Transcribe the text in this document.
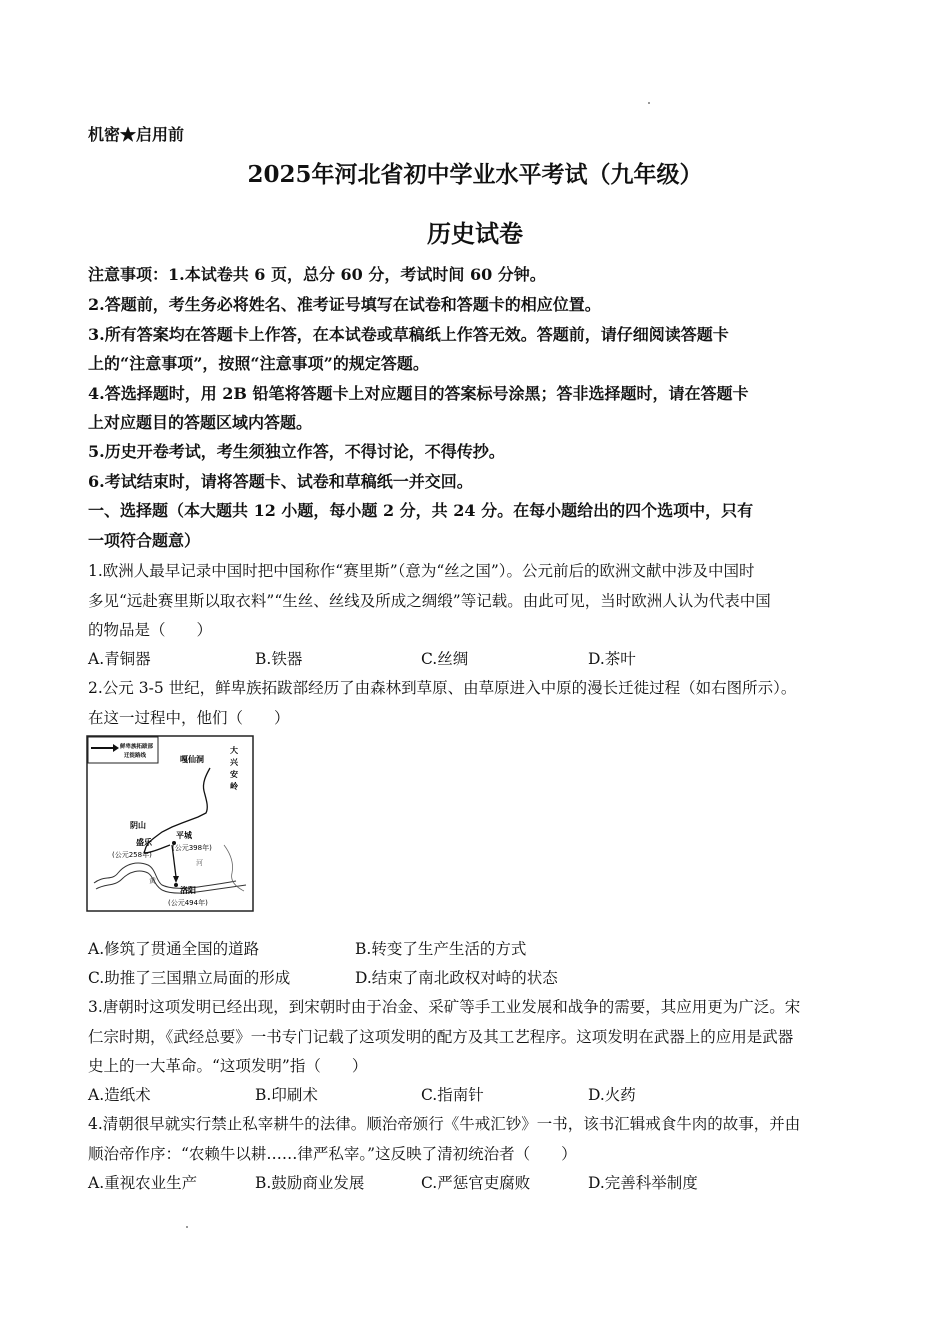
机密★启用前
2025年河北省初中学业水平考试（九年级）
历史试卷
注意事项：1.本试卷共 6 页，总分 60 分，考试时间 60 分钟。
2.答题前，考生务必将姓名、准考证号填写在试卷和答题卡的相应位置。
3.所有答案均在答题卡上作答，在本试卷或草稿纸上作答无效。答题前，请仔细阅读答题卡
上的“注意事项”，按照“注意事项”的规定答题。
4.答选择题时，用 2B 铅笔将答题卡上对应题目的答案标号涂黑；答非选择题时，请在答题卡
上对应题目的答题区域内答题。
5.历史开卷考试，考生须独立作答，不得讨论，不得传抄。
6.考试结束时，请将答题卡、试卷和草稿纸一并交回。
一、选择题（本大题共 12 小题，每小题 2 分，共 24 分。在每小题给出的四个选项中，只有
一项符合题意）
1.欧洲人最早记录中国时把中国称作“赛里斯”（意为“丝之国”）。公元前后的欧洲文献中涉及中国时
多见“远赴赛里斯以取衣料”“生丝、丝线及所成之绸缎”等记载。由此可见，当时欧洲人认为代表中国
的物品是（　　）
A.青铜器	B.铁器	C.丝绸	D.茶叶
2.公元 3-5 世纪，鲜卑族拓跋部经历了由森林到草原、由草原进入中原的漫长迁徙过程（如右图所示）。
在这一过程中，他们（　　）
鲜卑族拓跋部
迁徙路线	嘎仙洞
大
兴
安
岭
阴山
盛乐
(公元258年)
平城
(公元398年)
河
黄
洛阳
(公元494年)
A.修筑了贯通全国的道路	B.转变了生产生活的方式
C.助推了三国鼎立局面的形成	D.结束了南北政权对峙的状态
3.唐朝时这项发明已经出现，到宋朝时由于冶金、采矿等手工业发展和战争的需要，其应用更为广泛。宋
仁宗时期，《武经总要》一书专门记载了这项发明的配方及其工艺程序。这项发明在武器上的应用是武器
史上的一大革命。“这项发明”指（　　）
A.造纸术	B.印刷术	C.指南针	D.火药
4.清朝很早就实行禁止私宰耕牛的法律。顺治帝颁行《牛戒汇钞》一书，该书汇辑戒食牛肉的故事，并由
顺治帝作序：“农赖牛以耕……律严私宰。”这反映了清初统治者（　　）
A.重视农业生产	B.鼓励商业发展	C.严惩官吏腐败	D.完善科举制度
